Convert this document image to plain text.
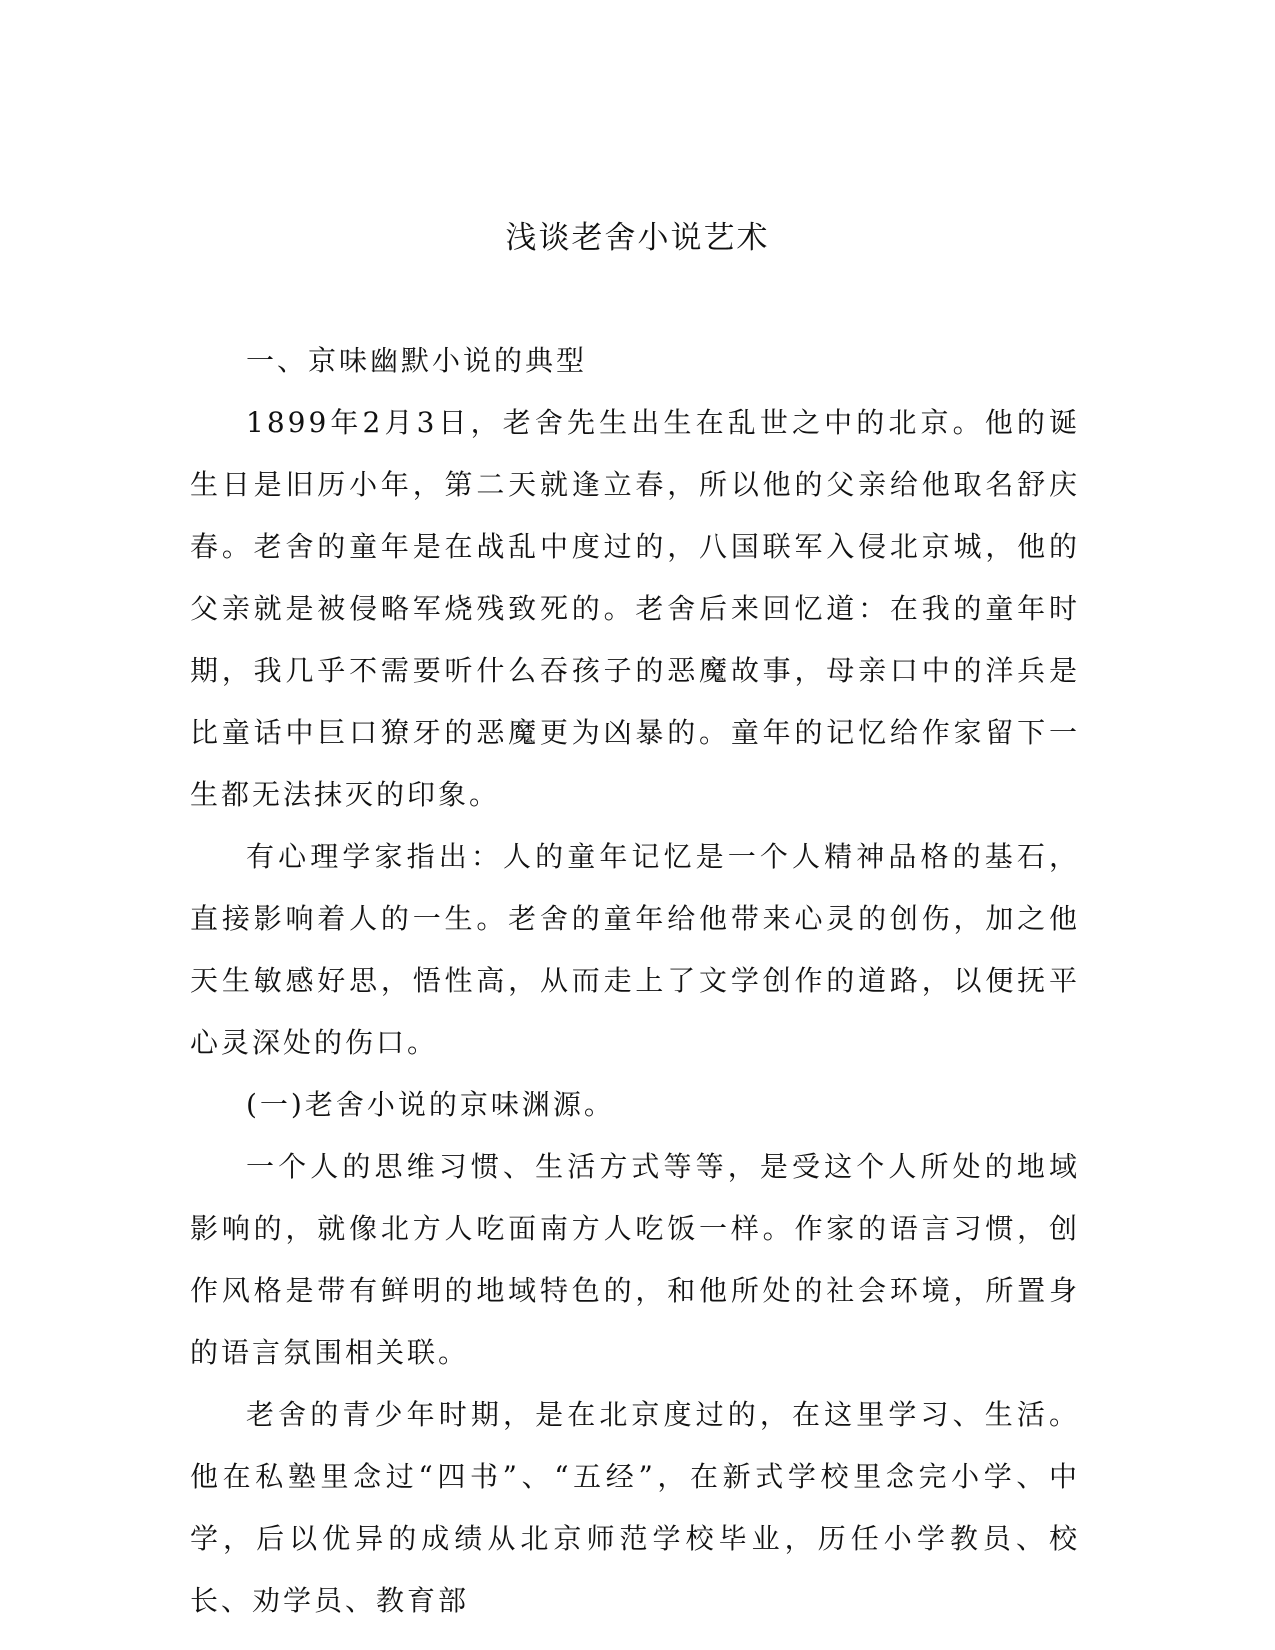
浅谈老舍小说艺术

一、京味幽默小说的典型

1899年2月3日，老舍先生出生在乱世之中的北京。他的诞生日是旧历小年，第二天就逢立春，所以他的父亲给他取名舒庆春。老舍的童年是在战乱中度过的，八国联军入侵北京城，他的父亲就是被侵略军烧残致死的。老舍后来回忆道：在我的童年时期，我几乎不需要听什么吞孩子的恶魔故事，母亲口中的洋兵是比童话中巨口獠牙的恶魔更为凶暴的。童年的记忆给作家留下一生都无法抹灭的印象。

有心理学家指出：人的童年记忆是一个人精神品格的基石，直接影响着人的一生。老舍的童年给他带来心灵的创伤，加之他天生敏感好思，悟性高，从而走上了文学创作的道路，以便抚平心灵深处的伤口。

(一)老舍小说的京味渊源。

一个人的思维习惯、生活方式等等，是受这个人所处的地域影响的，就像北方人吃面南方人吃饭一样。作家的语言习惯，创作风格是带有鲜明的地域特色的，和他所处的社会环境，所置身的语言氛围相关联。

老舍的青少年时期，是在北京度过的，在这里学习、生活。他在私塾里念过“四书”、“五经”，在新式学校里念完小学、中学，后以优异的成绩从北京师范学校毕业，历任小学教员、校长、劝学员、教育部
